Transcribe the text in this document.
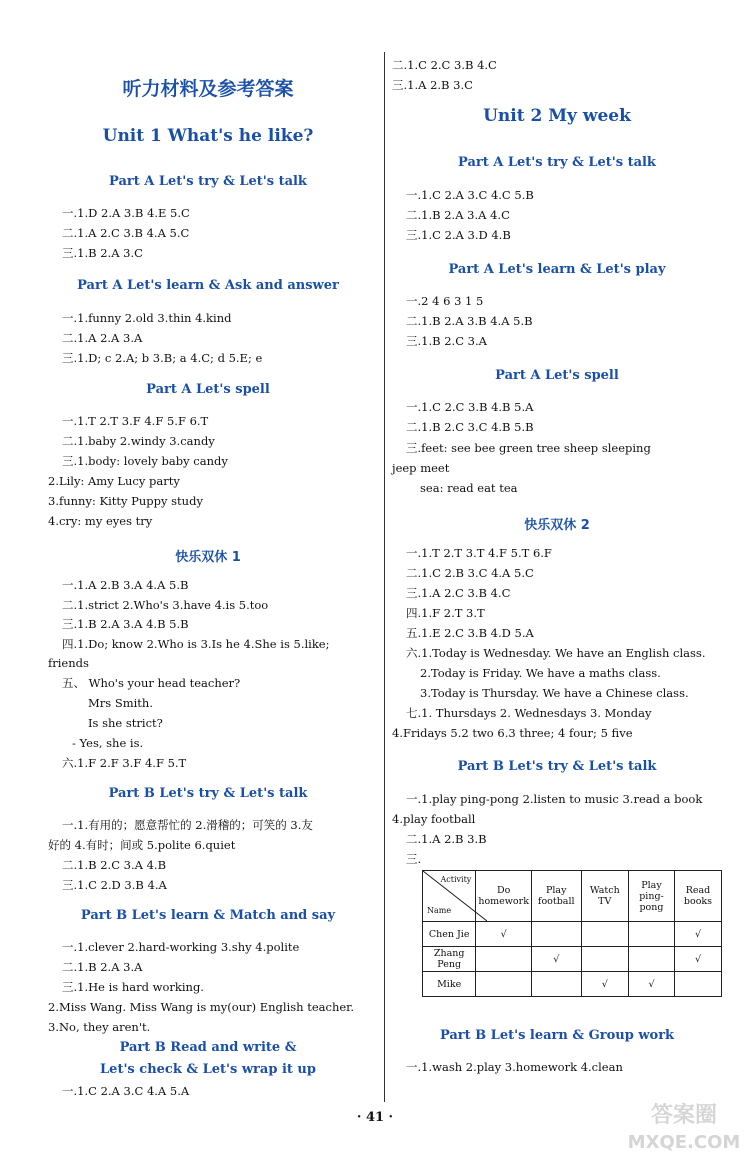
听力材料及参考答案
Unit 1 What's he like?
Part A Let's try & Let's talk
一.1.D 2.A 3.B 4.E 5.C
二.1.A 2.C 3.B 4.A 5.C
三.1.B 2.A 3.C
Part A Let's learn & Ask and answer
一.1.funny 2.old 3.thin 4.kind
二.1.A 2.A 3.A
三.1.D; c 2.A; b 3.B; a 4.C; d 5.E; e
Part A Let's spell
一.1.T 2.T 3.F 4.F 5.F 6.T
二.1.baby 2.windy 3.candy
三.1.body: lovely baby candy
2.Lily: Amy Lucy party
3.funny: Kitty Puppy study
4.cry: my eyes try
快乐双休 1
一.1.A 2.B 3.A 4.A 5.B
二.1.strict 2.Who's 3.have 4.is 5.too
三.1.B 2.A 3.A 4.B 5.B
四.1.Do; know 2.Who is 3.Is he 4.She is 5.like;
friends
五、 Who's your head teacher?
Mrs Smith.
Is she strict?
- Yes, she is.
六.1.F 2.F 3.F 4.F 5.T
Part B Let's try & Let's talk
一.1.有用的；愿意帮忙的 2.滑稽的；可笑的 3.友
好的 4.有时；间或 5.polite 6.quiet
二.1.B 2.C 3.A 4.B
三.1.C 2.D 3.B 4.A
Part B Let's learn & Match and say
一.1.clever 2.hard-working 3.shy 4.polite
二.1.B 2.A 3.A
三.1.He is hard working.
2.Miss Wang. Miss Wang is my(our) English teacher.
3.No, they aren't.
Part B Read and write &
Let's check & Let's wrap it up
一.1.C 2.A 3.C 4.A 5.A
二.1.C 2.C 3.B 4.C
三.1.A 2.B 3.C
Unit 2 My week
Part A Let's try & Let's talk
一.1.C 2.A 3.C 4.C 5.B
二.1.B 2.A 3.A 4.C
三.1.C 2.A 3.D 4.B
Part A Let's learn & Let's play
一.2 4 6 3 1 5
二.1.B 2.A 3.B 4.A 5.B
三.1.B 2.C 3.A
Part A Let's spell
一.1.C 2.C 3.B 4.B 5.A
二.1.B 2.C 3.C 4.B 5.B
三.feet: see bee green tree sheep sleeping
jeep meet
sea: read eat tea
快乐双休 2
一.1.T 2.T 3.T 4.F 5.T 6.F
二.1.C 2.B 3.C 4.A 5.C
三.1.A 2.C 3.B 4.C
四.1.F 2.T 3.T
五.1.E 2.C 3.B 4.D 5.A
六.1.Today is Wednesday. We have an English class.
2.Today is Friday. We have a maths class.
3.Today is Thursday. We have a Chinese class.
七.1. Thursdays 2. Wednesdays 3. Monday
4.Fridays 5.2 two 6.3 three; 4 four; 5 five
Part B Let's try & Let's talk
一.1.play ping-pong 2.listen to music 3.read a book
4.play football
二.1.A 2.B 3.B
三.
Activity
Name	Do homework	Play football	Watch TV	Play ping-pong	Read books
Chen Jie	√				√
Zhang Peng		√			√
Mike			√	√	
Part B Let's learn & Group work
一.1.wash 2.play 3.homework 4.clean
· 41 ·	答案圈
MXQE.COM
